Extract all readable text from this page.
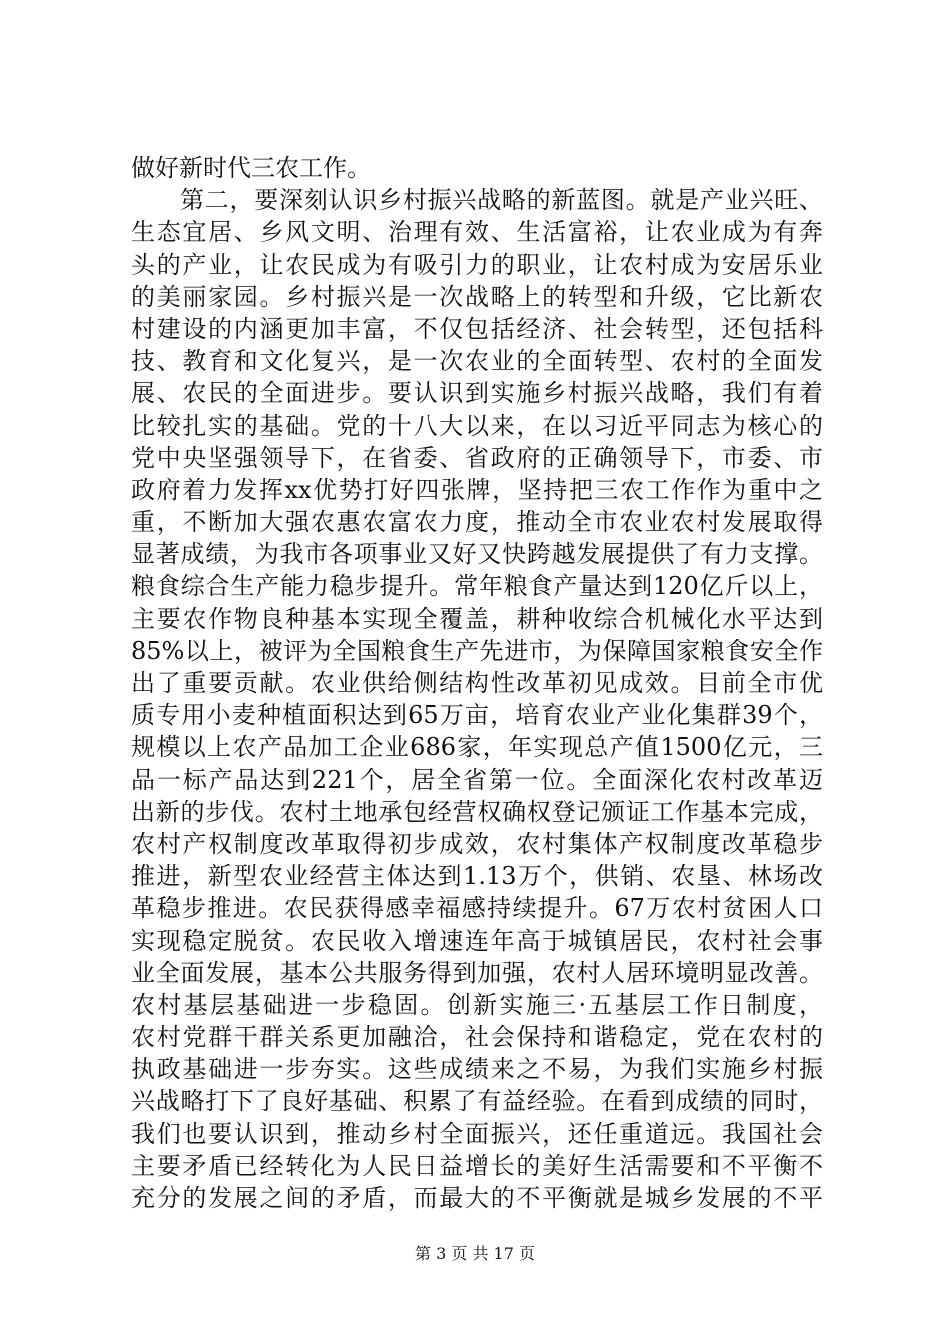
做好新时代三农工作。
第二，要深刻认识乡村振兴战略的新蓝图。就是产业兴旺、
生态宜居、乡风文明、治理有效、生活富裕，让农业成为有奔
头的产业，让农民成为有吸引力的职业，让农村成为安居乐业
的美丽家园。乡村振兴是一次战略上的转型和升级，它比新农
村建设的内涵更加丰富，不仅包括经济、社会转型，还包括科
技、教育和文化复兴，是一次农业的全面转型、农村的全面发
展、农民的全面进步。要认识到实施乡村振兴战略，我们有着
比较扎实的基础。党的十八大以来，在以习近平同志为核心的
党中央坚强领导下，在省委、省政府的正确领导下，市委、市
政府着力发挥xx优势打好四张牌，坚持把三农工作作为重中之
重，不断加大强农惠农富农力度，推动全市农业农村发展取得
显著成绩，为我市各项事业又好又快跨越发展提供了有力支撑。
粮食综合生产能力稳步提升。常年粮食产量达到120亿斤以上，
主要农作物良种基本实现全覆盖，耕种收综合机械化水平达到
85%以上，被评为全国粮食生产先进市，为保障国家粮食安全作
出了重要贡献。农业供给侧结构性改革初见成效。目前全市优
质专用小麦种植面积达到65万亩，培育农业产业化集群39个，
规模以上农产品加工企业686家，年实现总产值1500亿元，三
品一标产品达到221个，居全省第一位。全面深化农村改革迈
出新的步伐。农村土地承包经营权确权登记颁证工作基本完成，
农村产权制度改革取得初步成效，农村集体产权制度改革稳步
推进，新型农业经营主体达到1.13万个，供销、农垦、林场改
革稳步推进。农民获得感幸福感持续提升。67万农村贫困人口
实现稳定脱贫。农民收入增速连年高于城镇居民，农村社会事
业全面发展，基本公共服务得到加强，农村人居环境明显改善。
农村基层基础进一步稳固。创新实施三·五基层工作日制度，
农村党群干群关系更加融洽，社会保持和谐稳定，党在农村的
执政基础进一步夯实。这些成绩来之不易，为我们实施乡村振
兴战略打下了良好基础、积累了有益经验。在看到成绩的同时，
我们也要认识到，推动乡村全面振兴，还任重道远。我国社会
主要矛盾已经转化为人民日益增长的美好生活需要和不平衡不
充分的发展之间的矛盾，而最大的不平衡就是城乡发展的不平
第 3 页 共 17 页
